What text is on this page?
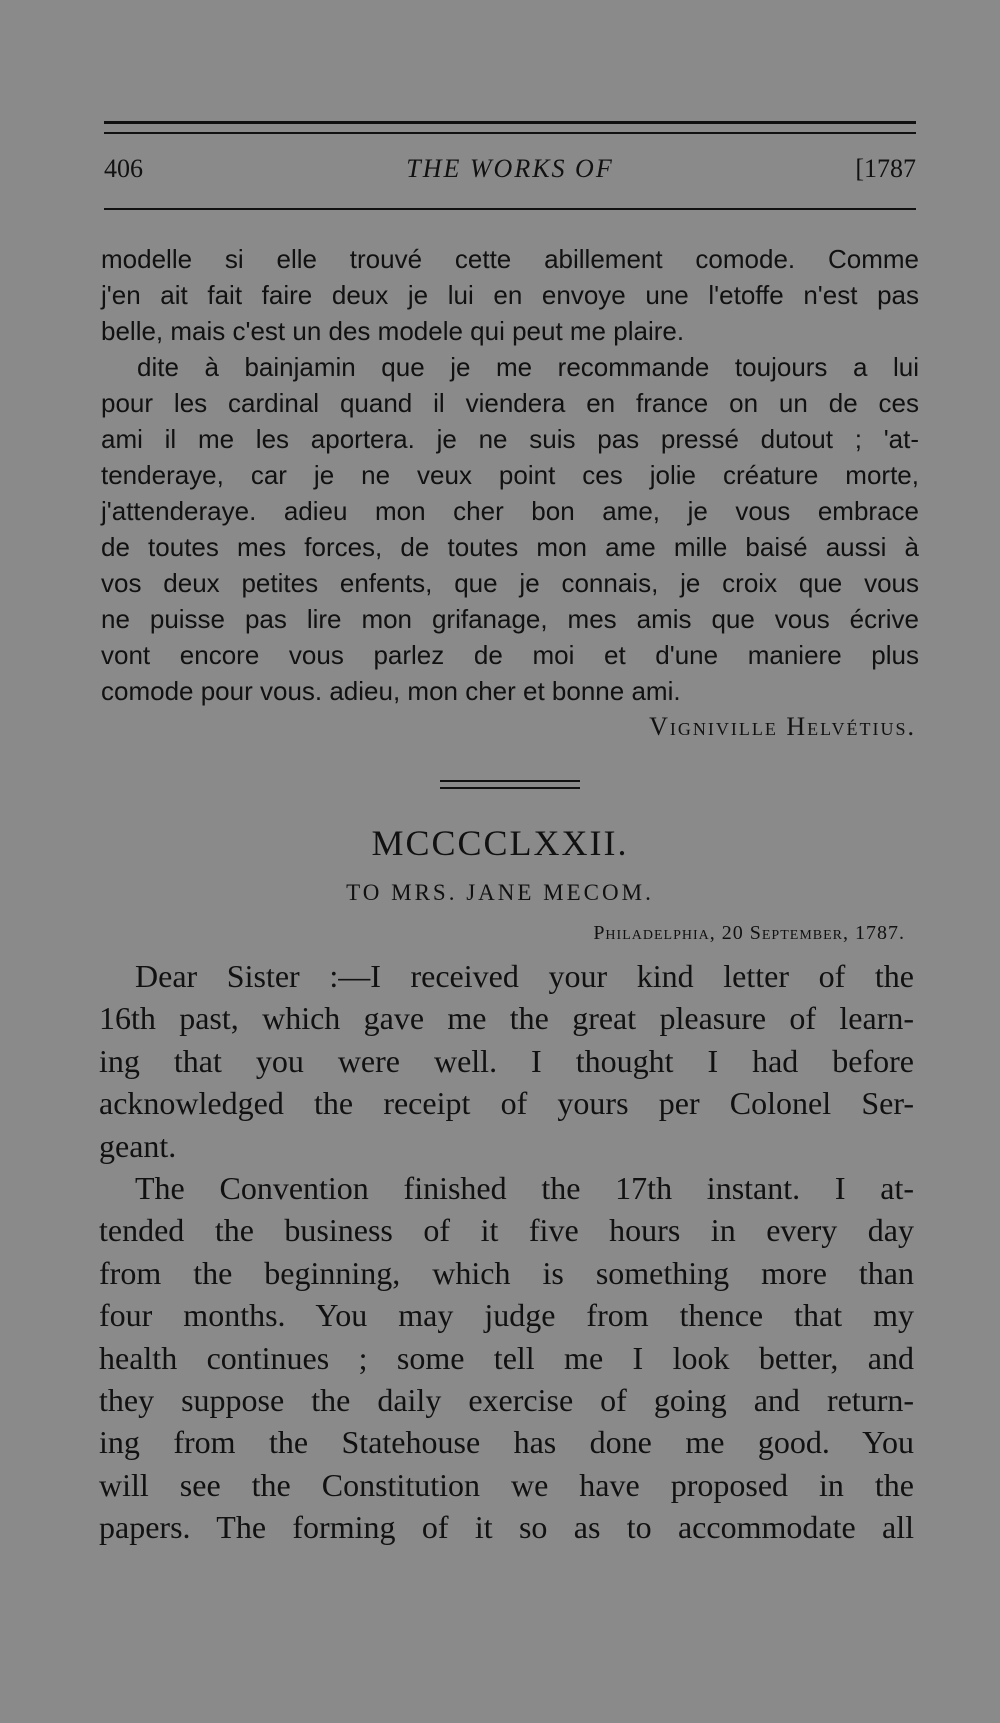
406	THE WORKS OF	[1787
modelle si elle trouvé cette abillement comode. Comme
j'en ait fait faire deux je lui en envoye une l'etoffe n'est pas
belle, mais c'est un des modele qui peut me plaire.
dite à bainjamin que je me recommande toujours a lui
pour les cardinal quand il viendera en france on un de ces
ami il me les aportera. je ne suis pas pressé dutout ; 'at-
tenderaye, car je ne veux point ces jolie créature morte,
j'attenderaye. adieu mon cher bon ame, je vous embrace
de toutes mes forces, de toutes mon ame mille baisé aussi à
vos deux petites enfents, que je connais, je croix que vous
ne puisse pas lire mon grifanage, mes amis que vous écrive
vont encore vous parlez de moi et d'une maniere plus
comode pour vous. adieu, mon cher et bonne ami.
Vigniville Helvétius.
MCCCCLXXII.
TO MRS. JANE MECOM.
Philadelphia, 20 September, 1787.
Dear Sister :—I received your kind letter of the
16th past, which gave me the great pleasure of learn-
ing that you were well. I thought I had before
acknowledged the receipt of yours per Colonel Ser-
geant.
The Convention finished the 17th instant. I at-
tended the business of it five hours in every day
from the beginning, which is something more than
four months. You may judge from thence that my
health continues ; some tell me I look better, and
they suppose the daily exercise of going and return-
ing from the Statehouse has done me good. You
will see the Constitution we have proposed in the
papers. The forming of it so as to accommodate all
